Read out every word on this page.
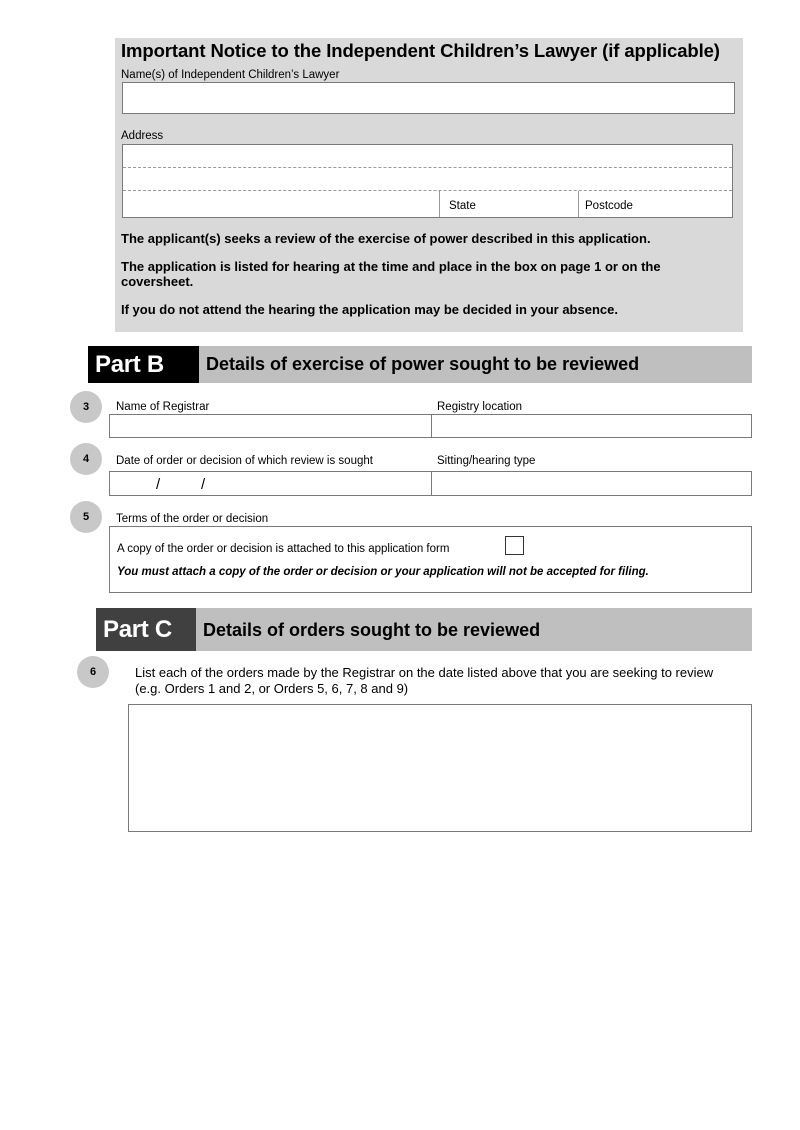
Important Notice to the Independent Children’s Lawyer (if applicable)
Name(s) of Independent Children’s Lawyer
Address
State	Postcode
The applicant(s) seeks a review of the exercise of power described in this application.
The application is listed for hearing at the time and place in the box on page 1 or on the
coversheet.
If you do not attend the hearing the application may be decided in your absence.
Part B	Details of exercise of power sought to be reviewed
3	Name of Registrar	Registry location
4	Date of order or decision of which review is sought	Sitting/hearing type
/	/
5	Terms of the order or decision
A copy of the order or decision is attached to this application form
You must attach a copy of the order or decision or your application will not be accepted for filing.
Part C	Details of orders sought to be reviewed
6	List each of the orders made by the Registrar on the date listed above that you are seeking to review
(e.g. Orders 1 and 2, or Orders 5, 6, 7, 8 and 9)
